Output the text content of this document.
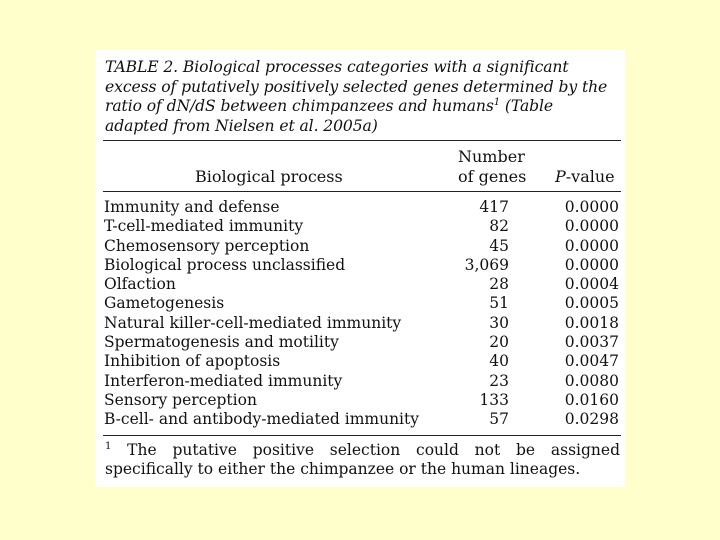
TABLE 2. Biological processes categories with a significant excess of putatively positively selected genes determined by the ratio of dN/dS between chimpanzees and humans$^1$ (Table adapted from Nielsen et al. 2005a)
Biological process
Number
of genes	P-value
Immunity and defense	417	0.0000
T-cell-mediated immunity	82	0.0000
Chemosensory perception	45	0.0000
Biological process unclassified	3,069	0.0000
Olfaction	28	0.0004
Gametogenesis	51	0.0005
Natural killer-cell-mediated immunity	30	0.0018
Spermatogenesis and motility	20	0.0037
Inhibition of apoptosis	40	0.0047
Interferon-mediated immunity	23	0.0080
Sensory perception	133	0.0160
B-cell- and antibody-mediated immunity	57	0.0298
$^1$ The putative positive selection could not be assigned specifically to either the chimpanzee or the human lineages.
